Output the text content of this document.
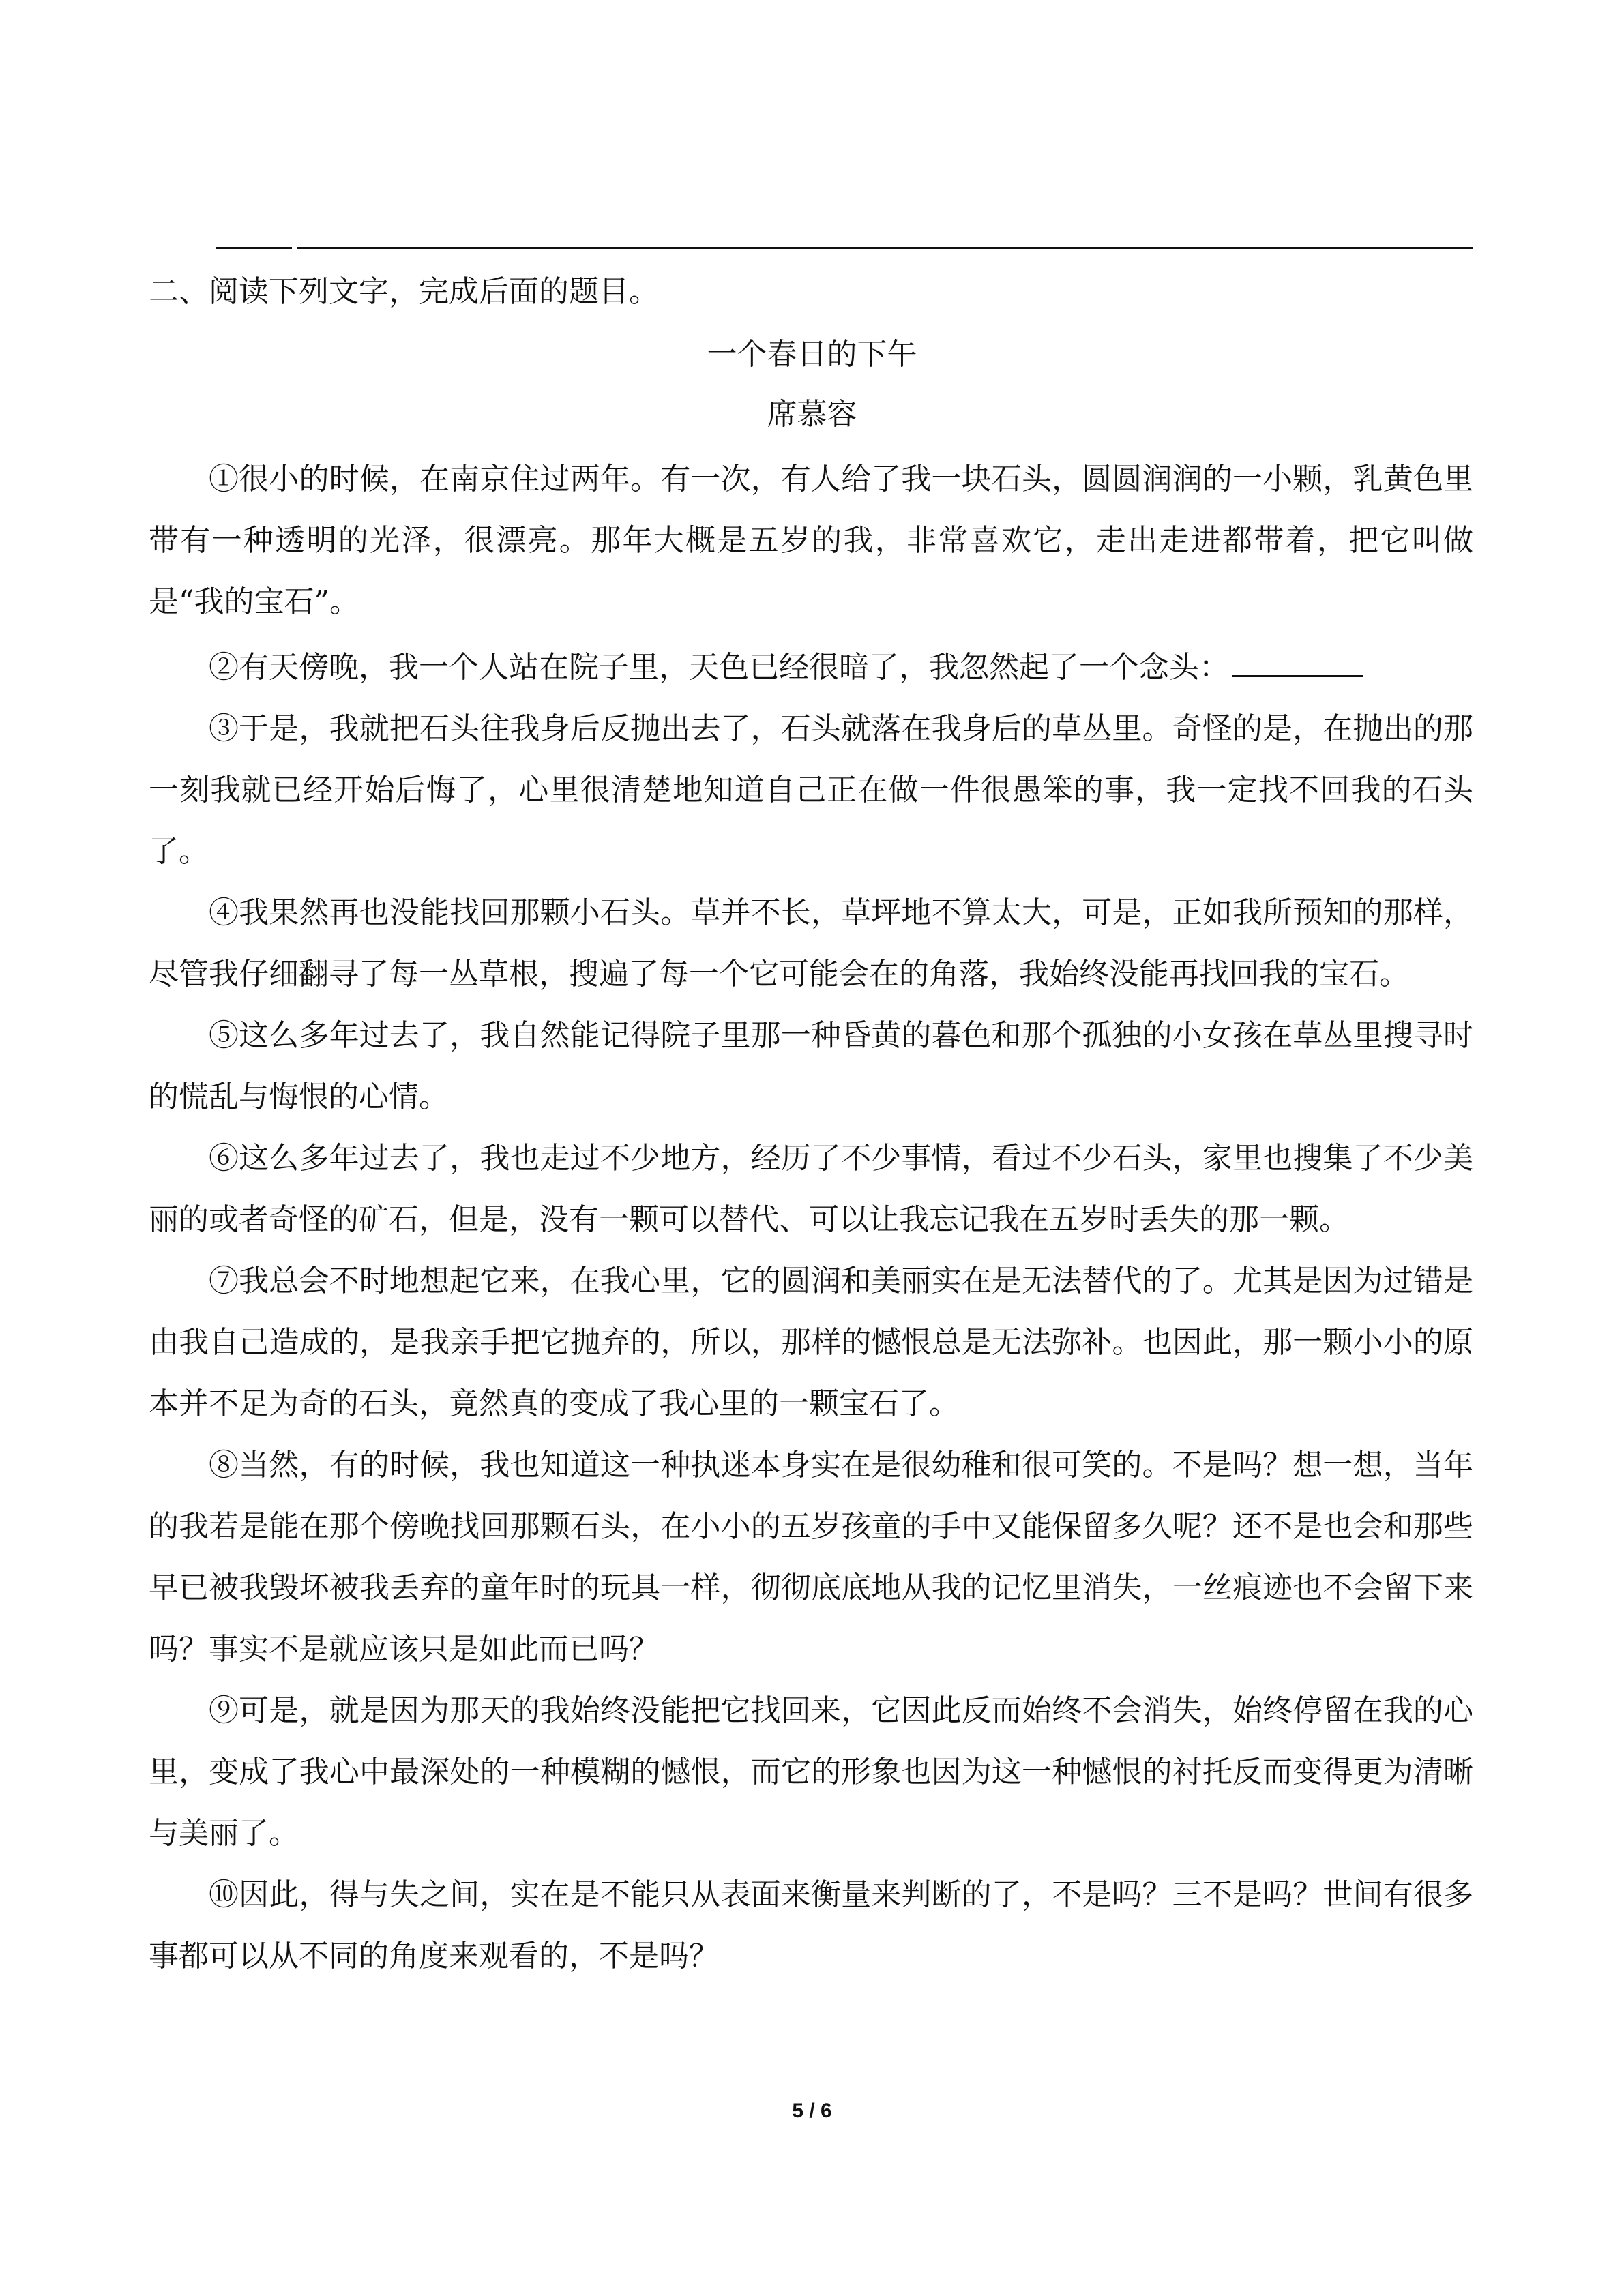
二、阅读下列文字，完成后面的题目。
一个春日的下午
席慕容

①很小的时候，在南京住过两年。有一次，有人给了我一块石头，圆圆润润的一小颗，乳黄色里带有一种透明的光泽，很漂亮。那年大概是五岁的我，非常喜欢它，走出走进都带着，把它叫做是“我的宝石”。

②有天傍晚，我一个人站在院子里，天色已经很暗了，我忽然起了一个念头：

③于是，我就把石头往我身后反抛出去了，石头就落在我身后的草丛里。奇怪的是，在抛出的那一刻我就已经开始后悔了，心里很清楚地知道自己正在做一件很愚笨的事，我一定找不回我的石头了。

④我果然再也没能找回那颗小石头。草并不长，草坪地不算太大，可是，正如我所预知的那样，尽管我仔细翻寻了每一丛草根，搜遍了每一个它可能会在的角落，我始终没能再找回我的宝石。

⑤这么多年过去了，我自然能记得院子里那一种昏黄的暮色和那个孤独的小女孩在草丛里搜寻时的慌乱与悔恨的心情。

⑥这么多年过去了，我也走过不少地方，经历了不少事情，看过不少石头，家里也搜集了不少美丽的或者奇怪的矿石，但是，没有一颗可以替代、可以让我忘记我在五岁时丢失的那一颗。

⑦我总会不时地想起它来，在我心里，它的圆润和美丽实在是无法替代的了。尤其是因为过错是由我自己造成的，是我亲手把它抛弃的，所以，那样的憾恨总是无法弥补。也因此，那一颗小小的原本并不足为奇的石头，竟然真的变成了我心里的一颗宝石了。

⑧当然，有的时候，我也知道这一种执迷本身实在是很幼稚和很可笑的。不是吗？想一想，当年的我若是能在那个傍晚找回那颗石头，在小小的五岁孩童的手中又能保留多久呢？还不是也会和那些早已被我毁坏被我丢弃的童年时的玩具一样，彻彻底底地从我的记忆里消失，一丝痕迹也不会留下来吗？事实不是就应该只是如此而已吗？

⑨可是，就是因为那天的我始终没能把它找回来，它因此反而始终不会消失，始终停留在我的心里，变成了我心中最深处的一种模糊的憾恨，而它的形象也因为这一种憾恨的衬托反而变得更为清晰与美丽了。

⑩因此，得与失之间，实在是不能只从表面来衡量来判断的了，不是吗？三不是吗？世间有很多事都可以从不同的角度来观看的，不是吗？

5 / 6
